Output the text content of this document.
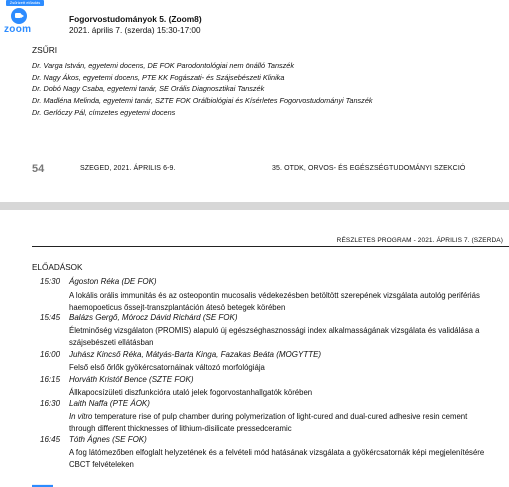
Zsűrizett előadás
zoom
Fogorvostudományok 5. (Zoom8)
2021. április 7. (szerda) 15:30-17:00
ZSŰRI
Dr. Varga István, egyetemi docens, DE FOK Parodontológiai nem önálló Tanszék
Dr. Nagy Ákos, egyetemi docens, PTE KK Fogászati- és Szájsebészeti Klinika
Dr. Dobó Nagy Csaba, egyetemi tanár, SE Orális Diagnosztikai Tanszék
Dr. Madléna Melinda, egyetemi tanár, SZTE FOK Orálbiológiai és Kísérletes Fogorvostudományi Tanszék
Dr. Gerlóczy Pál, címzetes egyetemi docens
54	SZEGED, 2021. ÁPRILIS 6-9.	35. OTDK, ORVOS- ÉS EGÉSZSÉGTUDOMÁNYI SZEKCIÓ
RÉSZLETES PROGRAM - 2021. ÁPRILIS 7. (SZERDA)
ELŐADÁSOK
15:30	Ágoston Réka (DE FOK)
A lokális orális immunitás és az osteopontin mucosalis védekezésben betöltött szerepének vizsgálata autológ perifériás haemopoeticus őssejt-transzplantáción átesö betegek körében
15:45	Balázs Gergő, Mórocz Dávid Richárd (SE FOK)
Életminőség vizsgálaton (PROMIS) alapuló új egészséghasznossági index alkalmasságának vizsgálata és validálása a szájsebészeti ellátásban
16:00	Juhász Kincső Réka, Mátyás-Barta Kinga, Fazakas Beáta (MOGYTTE)
Felső első őrlők gyökércsatornáinak változó morfológiája
16:15	Horváth Kristóf Bence (SZTE FOK)
Állkapocsízületi diszfunkcióra utaló jelek fogorvostanhallgatók körében
16:30	Laith Naffa (PTE ÁOK)
In vitro temperature rise of pulp chamber during polymerization of light-cured and dual-cured adhesive resin cement through different thicknesses of lithium-disilicate pressedceramic
16:45	Tóth Ágnes (SE FOK)
A fog látómezőben elfoglalt helyzetének és a felvételi mód hatásának vizsgálata a gyökércsatornák képi megjelenítésére CBCT felvételeken
▬▬▬
